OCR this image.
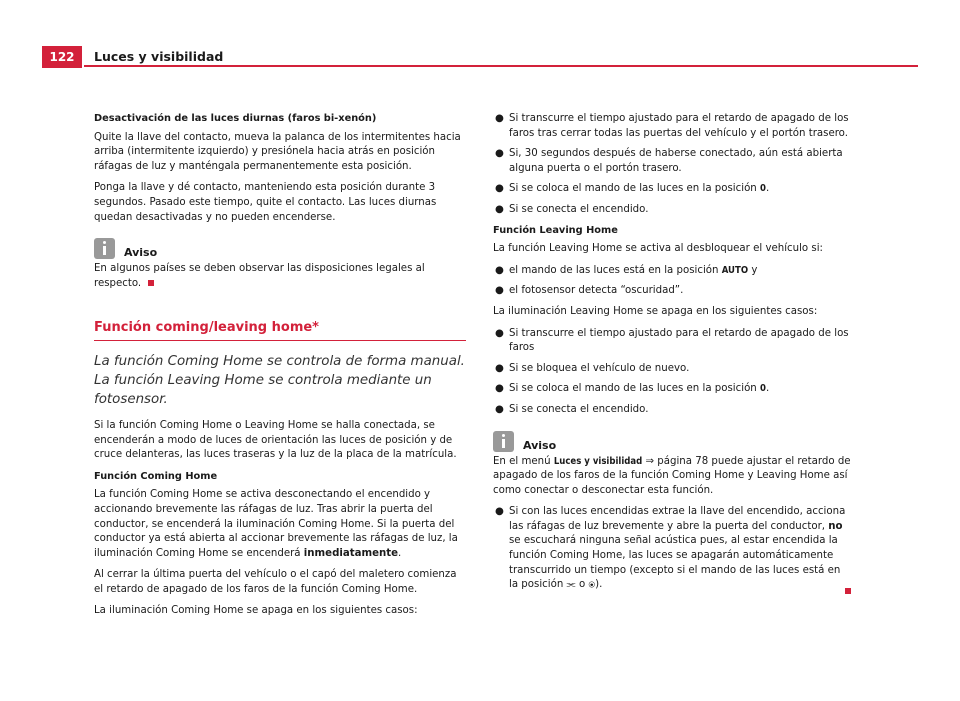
122	Luces y visibilidad

Desactivación de las luces diurnas (faros bi-xenón)

Quite la llave del contacto, mueva la palanca de los intermitentes hacia arriba (intermitente izquierdo) y presiónela hacia atrás en posición ráfagas de luz y manténgala permanentemente esta posición.

Ponga la llave y dé contacto, manteniendo esta posición durante 3 segundos. Pasado este tiempo, quite el contacto. Las luces diurnas quedan desactivadas y no pueden encenderse.

Aviso

En algunos países se deben observar las disposiciones legales al respecto.

Función coming/leaving home*

La función Coming Home se controla de forma manual. La función Leaving Home se controla mediante un fotosensor.

Si la función Coming Home o Leaving Home se halla conectada, se encenderán a modo de luces de orientación las luces de posición y de cruce delanteras, las luces traseras y la luz de la placa de la matrícula.

Función Coming Home

La función Coming Home se activa desconectando el encendido y accionando brevemente las ráfagas de luz. Tras abrir la puerta del conductor, se encenderá la iluminación Coming Home. Si la puerta del conductor ya está abierta al accionar brevemente las ráfagas de luz, la iluminación Coming Home se encenderá inmediatamente.

Al cerrar la última puerta del vehículo o el capó del maletero comienza el retardo de apagado de los faros de la función Coming Home.

La iluminación Coming Home se apaga en los siguientes casos:

● Si transcurre el tiempo ajustado para el retardo de apagado de los faros tras cerrar todas las puertas del vehículo y el portón trasero.
● Si, 30 segundos después de haberse conectado, aún está abierta alguna puerta o el portón trasero.
● Si se coloca el mando de las luces en la posición 0.
● Si se conecta el encendido.

Función Leaving Home

La función Leaving Home se activa al desbloquear el vehículo si:

● el mando de las luces está en la posición AUTO y
● el fotosensor detecta “oscuridad”.

La iluminación Leaving Home se apaga en los siguientes casos:

● Si transcurre el tiempo ajustado para el retardo de apagado de los faros
● Si se bloquea el vehículo de nuevo.
● Si se coloca el mando de las luces en la posición 0.
● Si se conecta el encendido.
Aviso

En el menú Luces y visibilidad ⇒ página 78 puede ajustar el retardo de apagado de los faros de la función Coming Home y Leaving Home así como conectar o desconectar esta función.

● Si con las luces encendidas extrae la llave del encendido, acciona las ráfagas de luz brevemente y abre la puerta del conductor, no se escuchará ninguna señal acústica pues, al estar encendida la función Coming Home, las luces se apagarán automáticamente transcurrido un tiempo (excepto si el mando de las luces está en la posición ⫘ o ⦿).
